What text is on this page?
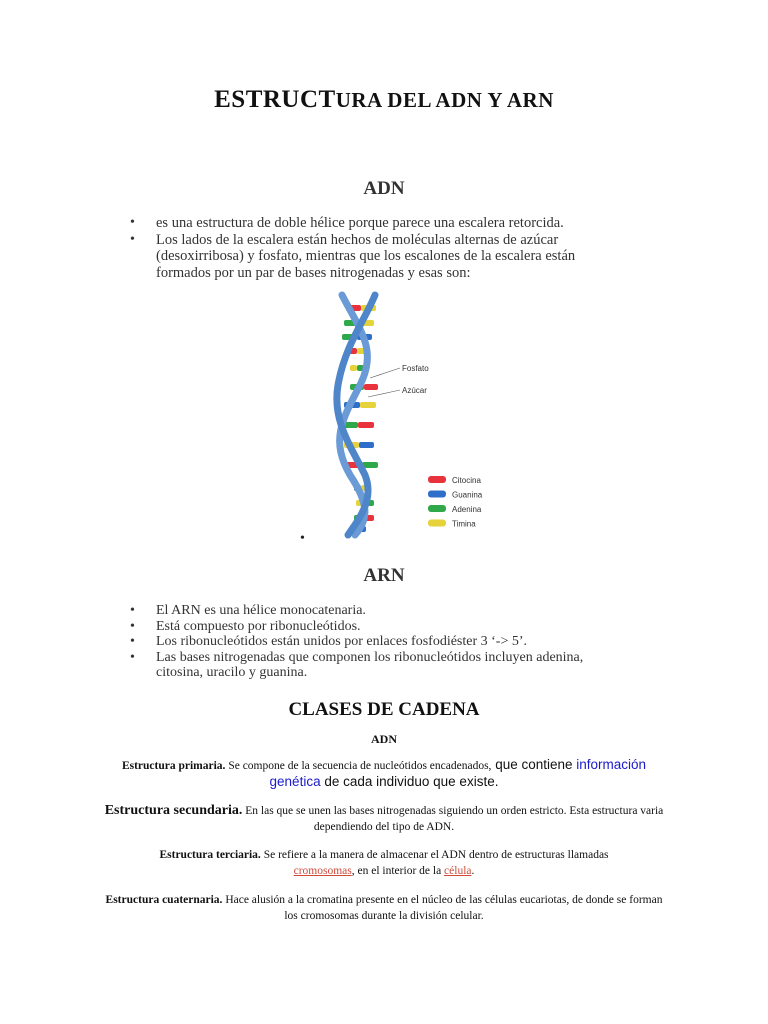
ESTRUCTURA DEL ADN Y ARN
ADN
• es una estructura de doble hélice porque parece una escalera retorcida.
• Los lados de la escalera están hechos de moléculas alternas de azúcar (desoxirribosa) y fosfato, mientras que los escalones de la escalera están formados por un par de bases nitrogenadas y esas son:
Fosfato
Azúcar
Citocina
Guanina
Adenina
Timina
•
ARN
• El ARN es una hélice monocatenaria.
• Está compuesto por ribonucleótidos.
• Los ribonucleótidos están unidos por enlaces fosfodiéster 3 ‘-> 5’.
• Las bases nitrogenadas que componen los ribonucleótidos incluyen adenina, citosina, uracilo y guanina.
CLASES DE CADENA
ADN
Estructura primaria. Se compone de la secuencia de nucleótidos encadenados, que contiene información genética de cada individuo que existe.
Estructura secundaria. En las que se unen las bases nitrogenadas siguiendo un orden estricto. Esta estructura varia dependiendo del tipo de ADN.
Estructura terciaria. Se refiere a la manera de almacenar el ADN dentro de estructuras llamadas cromosomas, en el interior de la célula.
Estructura cuaternaria. Hace alusión a la cromatina presente en el núcleo de las células eucariotas, de donde se forman los cromosomas durante la división celular.
